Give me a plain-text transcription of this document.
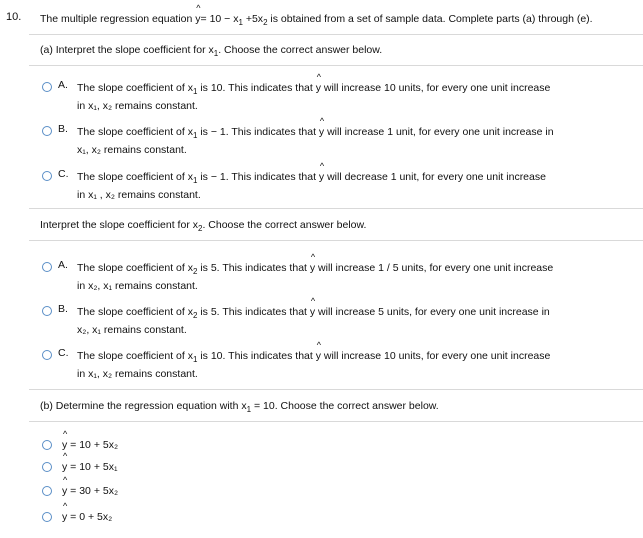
10. The multiple regression equation ^ $y= 10 - x_1 +5x_2$ is obtained from a set of sample data. Complete parts (a) through (e).
(a) Interpret the slope coefficient for $x_1$. Choose the correct answer below.
A. The slope coefficient of $x_1$ is 10. This indicates that ^ y will increase 10 units, for every one unit increase
in x₁, x₂ remains constant.
B. The slope coefficient of $x_1$ is − 1. This indicates that ^ y will increase 1 unit, for every one unit increase in
x₁, x₂ remains constant.
C. The slope coefficient of $x_1$ is − 1. This indicates that ^ y will decrease 1 unit, for every one unit increase
in x₁ , x₂ remains constant.
Interpret the slope coefficient for $x_2$. Choose the correct answer below.
A. The slope coefficient of $x_2$ is 5. This indicates that ^ y will increase 1 / 5 units, for every one unit increase
in x₂, x₁ remains constant.
B. The slope coefficient of $x_2$ is 5. This indicates that ^ y will increase 5 units, for every one unit increase in
x₂, x₁ remains constant.
C. The slope coefficient of $x_1$ is 10. This indicates that ^ y will increase 10 units, for every one unit increase
in x₁, x₂ remains constant.
(b) Determine the regression equation with $x_1 = 10$. Choose the correct answer below.
^ y = 10 + 5x₂
^ y = 10 + 5x₁
^ y = 30 + 5x₂
^ y = 0 + 5x₂
